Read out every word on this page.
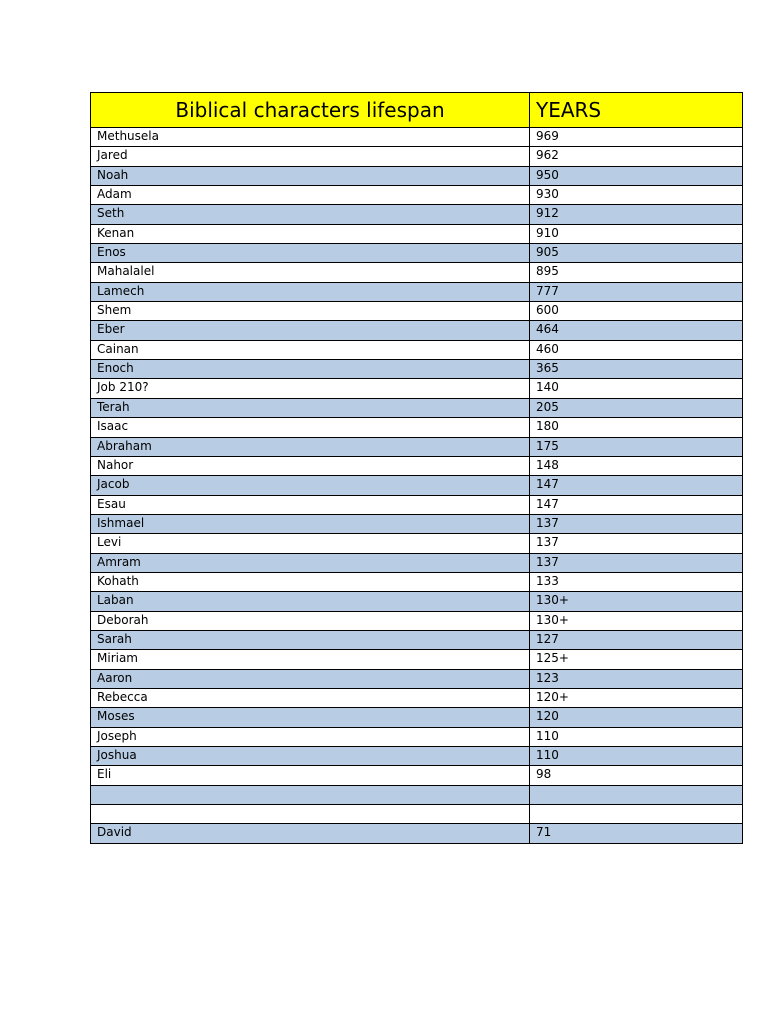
Biblical characters lifespan	YEARS
Methusela	969
Jared	962
Noah	950
Adam	930
Seth	912
Kenan	910
Enos	905
Mahalalel	895
Lamech	777
Shem	600
Eber	464
Cainan	460
Enoch	365
Job 210?	140
Terah	205
Isaac	180
Abraham	175
Nahor	148
Jacob	147
Esau	147
Ishmael	137
Levi	137
Amram	137
Kohath	133
Laban	130+
Deborah	130+
Sarah	127
Miriam	125+
Aaron	123
Rebecca	120+
Moses	120
Joseph	110
Joshua	110
Eli	98

David	71
